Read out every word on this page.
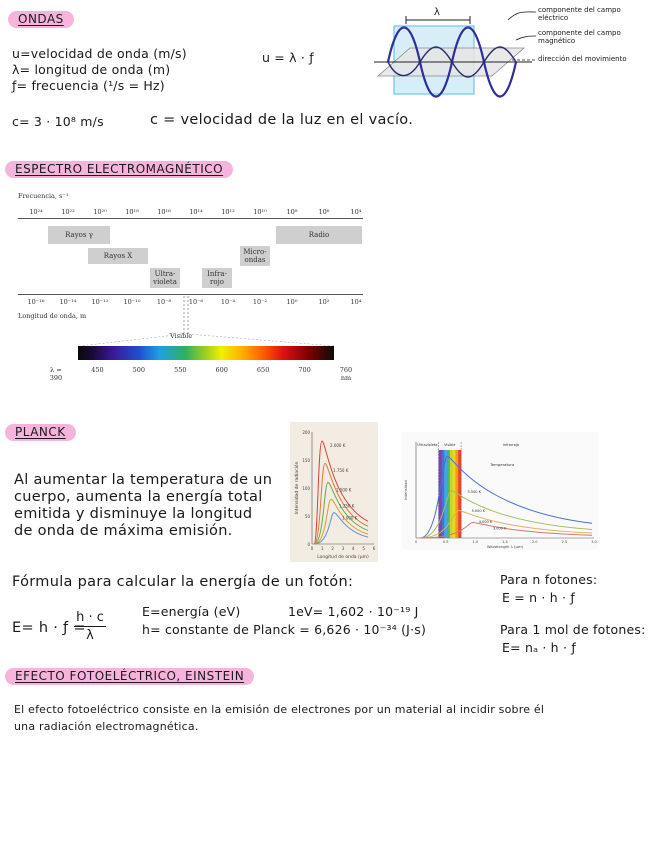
ONDAS
u=velocidad de onda (m/s)
λ= longitud de onda (m)
ƒ= frecuencia (¹/s = Hz)
u = λ · ƒ
c= 3 · 10⁸ m/s	c = velocidad de la luz en el vacío.
λ	componente del campo eléctrico
componente del campo magnético
dirección del movimiento
ESPECTRO ELECTROMAGNÉTICO
Frecuencia, s⁻¹
10²⁴	10²²	10²⁰	10¹⁸	10¹⁶	10¹⁴	10¹²	10¹⁰	10⁸	10⁶	10⁴
Rayos γ
Rayos X
Ultra-violeta
Infra-rojo
Micro-ondas
Radio
10⁻¹⁶	10⁻¹⁴	10⁻¹²	10⁻¹⁰	10⁻⁸	10⁻⁶	10⁻⁴	10⁻²	10⁰	10²	10⁴
Longitud de onda, m
Visible
λ = 390
450	500	550	600	650	700	760 nm
PLANCK
Al aumentar la temperatura de un
cuerpo, aumenta la energía total
emitida y disminuye la longitud
de onda de máxima emisión.
0
50
100
150
200
0 1 2 3 4 5 6
Longitud de onda (µm)
Intensidad de radiación
2.000 K
1.750 K
1.500 K
1.250 K
1.000 K
Ultravioleta Visible	Infrarrojo
5.500 K
5.000 K
4.000 K
3.000 K
Temperatura
0	0.5	1.0	1.5	2.0	2.5	3.0
Wavelength λ (µm)
Intensidad
Fórmula para calcular la energía de un fotón:
E= h · ƒ =
h · c
λ
E=energía (eV)	1eV= 1,602 · 10⁻¹⁹ J
h= constante de Planck = 6,626 · 10⁻³⁴ (J·s)
Para n fotones:
E = n · h · ƒ
Para 1 mol de fotones:
E= nₐ · h · ƒ
EFECTO FOTOELÉCTRICO, EINSTEIN
El efecto fotoeléctrico consiste en la emisión de electrones por un material al incidir sobre él
una radiación electromagnética.
